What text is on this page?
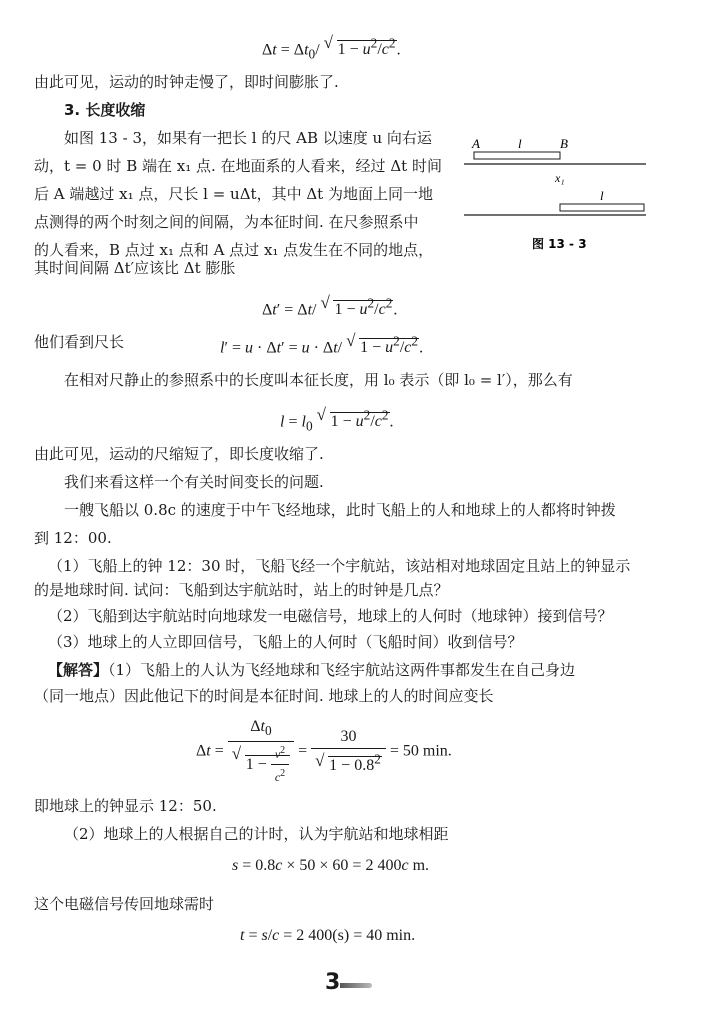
$\Delta t = \Delta t_0/$ √ $1 - u^2/c^2$.
由此可见，运动的时钟走慢了，即时间膨胀了.
3. 长度收缩
如图 13 - 3，如果有一把长 l 的尺 AB 以速度 u 向右运
动，t = 0 时 B 端在 x₁ 点. 在地面系的人看来，经过 Δt 时间
后 A 端越过 x₁ 点，尺长 l = uΔt，其中 Δt 为地面上同一地
点测得的两个时刻之间的间隔，为本征时间. 在尺参照系中
的人看来，B 点过 x₁ 点和 A 点过 x₁ 点发生在不同的地点，
其时间间隔 Δt′应该比 Δt 膨胀
A	l	B
x₁
l
图 13 - 3
Δt′ = Δt/ √ $1 - u^2/c^2$.
他们看到尺长	l′ = u · Δt′ = u · Δt/ √ $1 - u^2/c^2$.
在相对尺静止的参照系中的长度叫本征长度，用 l₀ 表示（即 l₀ = l′），那么有
$l = l_0$ √ $1 - u^2/c^2$.
由此可见，运动的尺缩短了，即长度收缩了.
我们来看这样一个有关时间变长的问题.
一艘飞船以 0.8c 的速度于中午飞经地球，此时飞船上的人和地球上的人都将时钟拨
到 12：00.
（1）飞船上的钟 12：30 时，飞船飞经一个宇航站，该站相对地球固定且站上的钟显示
的是地球时间. 试问：飞船到达宇航站时，站上的时钟是几点？
（2）飞船到达宇航站时向地球发一电磁信号，地球上的人何时（地球钟）接到信号？
（3）地球上的人立即回信号，飞船上的人何时（飞船时间）收到信号？
【解答】（1）飞船上的人认为飞经地球和飞经宇航站这两件事都发生在自己身边
（同一地点）因此他记下的时间是本征时间. 地球上的人的时间应变长
$\Delta t = \Delta t_0$
√ $1 - \frac{v^2}{c^2} = 30$
√ $1 - 0.8^2 = 50$ min.
即地球上的钟显示 12：50.
（2）地球上的人根据自己的计时，认为宇航站和地球相距
s = 0.8c × 50 × 60 = 2 400c m.
这个电磁信号传回地球需时
t = s/c = 2 400(s) = 40 min.
3
